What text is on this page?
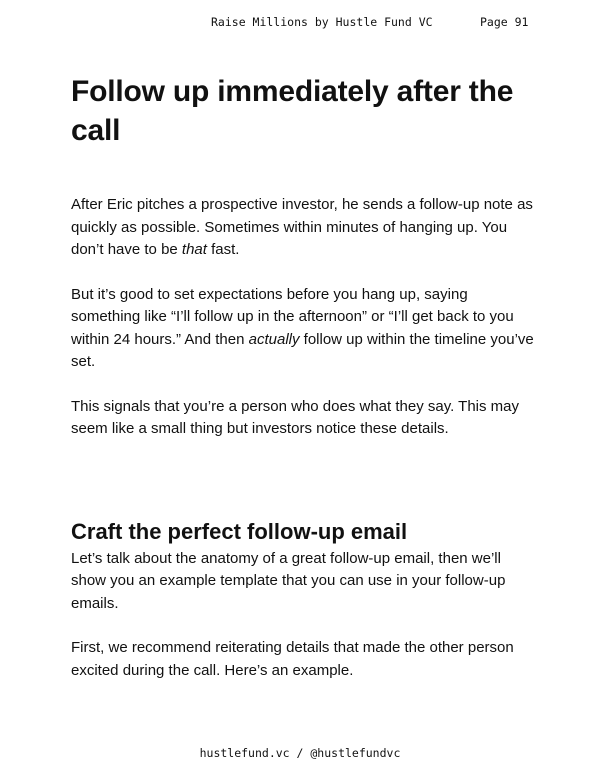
Raise Millions by Hustle Fund VC	Page 91
Follow up immediately after the call

After Eric pitches a prospective investor, he sends a follow-up note as quickly as possible. Sometimes within minutes of hanging up. You don’t have to be that fast.

But it’s good to set expectations before you hang up, saying something like “I’ll follow up in the afternoon” or “I’ll get back to you within 24 hours.” And then actually follow up within the timeline you’ve set.

This signals that you’re a person who does what they say. This may seem like a small thing but investors notice these details.

Craft the perfect follow-up email

Let’s talk about the anatomy of a great follow-up email, then we’ll show you an example template that you can use in your follow-up emails.

First, we recommend reiterating details that made the other person excited during the call. Here’s an example.

hustlefund.vc / @hustlefundvc
